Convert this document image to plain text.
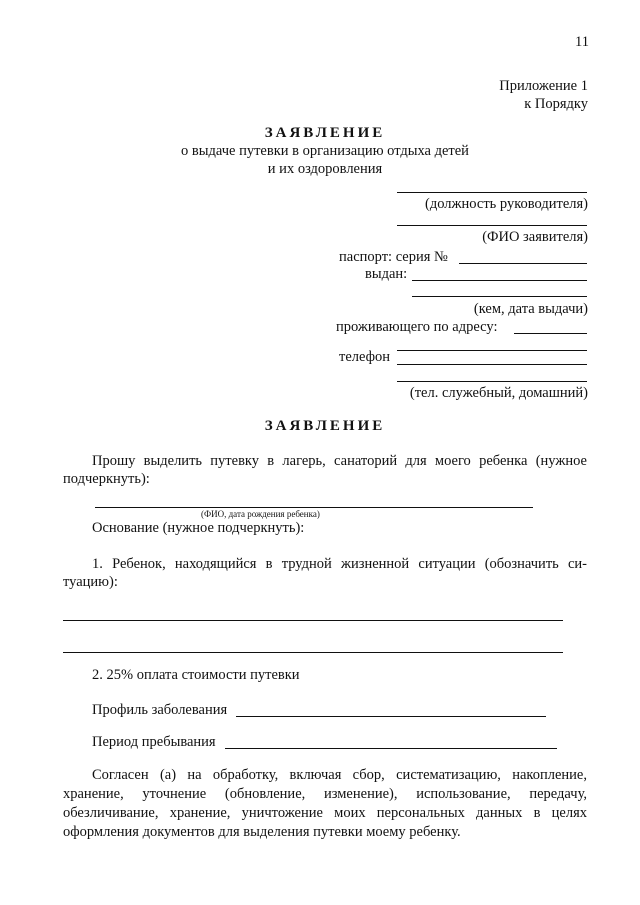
11
Приложение 1
к Порядку
ЗАЯВЛЕНИЕ
о выдаче путевки в организацию отдыха детей
и их оздоровления
(должность руководителя)
(ФИО заявителя)
паспорт: серия №
выдан:
(кем, дата выдачи)
проживающего по адресу:
телефон
(тел. служебный, домашний)
ЗАЯВЛЕНИЕ
Прошу выделить путевку в лагерь, санаторий для моего ребенка (нужное
подчеркнуть):
(ФИО, дата рождения ребенка)
Основание (нужное подчеркнуть):
1. Ребенок, находящийся в трудной жизненной ситуации (обозначить си-
туацию):
2. 25% оплата стоимости путевки
Профиль заболевания
Период пребывания
Согласен (а) на обработку, включая сбор, систематизацию, накопление, хранение, уточнение (обновление, изменение), использование, передачу, обезличивание, хранение, уничтожение моих персональных данных в целях оформления документов для выделения путевки моему ребенку.
